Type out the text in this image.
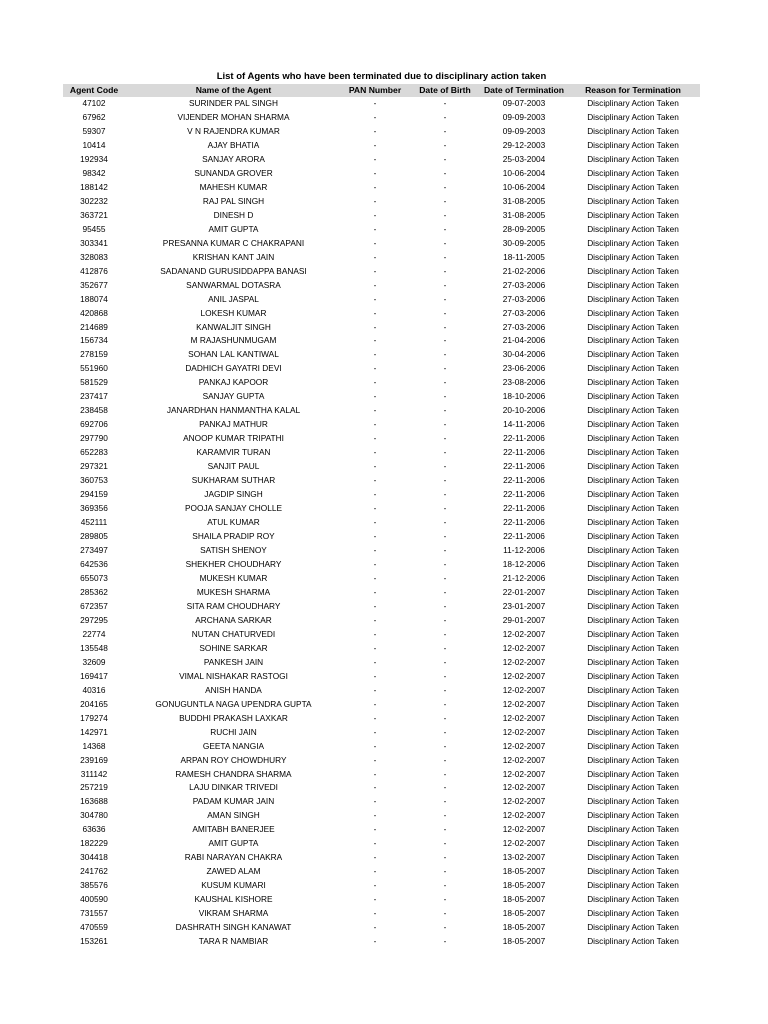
List of Agents who have been terminated due to disciplinary action taken
Agent Code	Name of the Agent	PAN Number	Date of Birth	Date of Termination	Reason for Termination
47102	SURINDER PAL SINGH	-	-	09-07-2003	Disciplinary Action Taken
67962	VIJENDER MOHAN SHARMA	-	-	09-09-2003	Disciplinary Action Taken
59307	V N RAJENDRA KUMAR	-	-	09-09-2003	Disciplinary Action Taken
10414	AJAY BHATIA	-	-	29-12-2003	Disciplinary Action Taken
192934	SANJAY ARORA	-	-	25-03-2004	Disciplinary Action Taken
98342	SUNANDA GROVER	-	-	10-06-2004	Disciplinary Action Taken
188142	MAHESH KUMAR	-	-	10-06-2004	Disciplinary Action Taken
302232	RAJ PAL SINGH	-	-	31-08-2005	Disciplinary Action Taken
363721	DINESH D	-	-	31-08-2005	Disciplinary Action Taken
95455	AMIT GUPTA	-	-	28-09-2005	Disciplinary Action Taken
303341	PRESANNA KUMAR C CHAKRAPANI	-	-	30-09-2005	Disciplinary Action Taken
328083	KRISHAN KANT JAIN	-	-	18-11-2005	Disciplinary Action Taken
412876	SADANAND GURUSIDDAPPA BANASI	-	-	21-02-2006	Disciplinary Action Taken
352677	SANWARMAL DOTASRA	-	-	27-03-2006	Disciplinary Action Taken
188074	ANIL JASPAL	-	-	27-03-2006	Disciplinary Action Taken
420868	LOKESH KUMAR	-	-	27-03-2006	Disciplinary Action Taken
214689	KANWALJIT SINGH	-	-	27-03-2006	Disciplinary Action Taken
156734	M RAJASHUNMUGAM	-	-	21-04-2006	Disciplinary Action Taken
278159	SOHAN LAL KANTIWAL	-	-	30-04-2006	Disciplinary Action Taken
551960	DADHICH GAYATRI DEVI	-	-	23-06-2006	Disciplinary Action Taken
581529	PANKAJ KAPOOR	-	-	23-08-2006	Disciplinary Action Taken
237417	SANJAY GUPTA	-	-	18-10-2006	Disciplinary Action Taken
238458	JANARDHAN HANMANTHA KALAL	-	-	20-10-2006	Disciplinary Action Taken
692706	PANKAJ MATHUR	-	-	14-11-2006	Disciplinary Action Taken
297790	ANOOP KUMAR TRIPATHI	-	-	22-11-2006	Disciplinary Action Taken
652283	KARAMVIR TURAN	-	-	22-11-2006	Disciplinary Action Taken
297321	SANJIT PAUL	-	-	22-11-2006	Disciplinary Action Taken
360753	SUKHARAM SUTHAR	-	-	22-11-2006	Disciplinary Action Taken
294159	JAGDIP SINGH	-	-	22-11-2006	Disciplinary Action Taken
369356	POOJA SANJAY CHOLLE	-	-	22-11-2006	Disciplinary Action Taken
452111	ATUL KUMAR	-	-	22-11-2006	Disciplinary Action Taken
289805	SHAILA PRADIP ROY	-	-	22-11-2006	Disciplinary Action Taken
273497	SATISH SHENOY	-	-	11-12-2006	Disciplinary Action Taken
642536	SHEKHER CHOUDHARY	-	-	18-12-2006	Disciplinary Action Taken
655073	MUKESH KUMAR	-	-	21-12-2006	Disciplinary Action Taken
285362	MUKESH SHARMA	-	-	22-01-2007	Disciplinary Action Taken
672357	SITA RAM CHOUDHARY	-	-	23-01-2007	Disciplinary Action Taken
297295	ARCHANA SARKAR	-	-	29-01-2007	Disciplinary Action Taken
22774	NUTAN CHATURVEDI	-	-	12-02-2007	Disciplinary Action Taken
135548	SOHINE SARKAR	-	-	12-02-2007	Disciplinary Action Taken
32609	PANKESH JAIN	-	-	12-02-2007	Disciplinary Action Taken
169417	VIMAL NISHAKAR RASTOGI	-	-	12-02-2007	Disciplinary Action Taken
40316	ANISH HANDA	-	-	12-02-2007	Disciplinary Action Taken
204165	GONUGUNTLA NAGA UPENDRA GUPTA	-	-	12-02-2007	Disciplinary Action Taken
179274	BUDDHI PRAKASH LAXKAR	-	-	12-02-2007	Disciplinary Action Taken
142971	RUCHI JAIN	-	-	12-02-2007	Disciplinary Action Taken
14368	GEETA NANGIA	-	-	12-02-2007	Disciplinary Action Taken
239169	ARPAN ROY CHOWDHURY	-	-	12-02-2007	Disciplinary Action Taken
311142	RAMESH CHANDRA SHARMA	-	-	12-02-2007	Disciplinary Action Taken
257219	LAJU DINKAR TRIVEDI	-	-	12-02-2007	Disciplinary Action Taken
163688	PADAM KUMAR JAIN	-	-	12-02-2007	Disciplinary Action Taken
304780	AMAN SINGH	-	-	12-02-2007	Disciplinary Action Taken
63636	AMITABH BANERJEE	-	-	12-02-2007	Disciplinary Action Taken
182229	AMIT GUPTA	-	-	12-02-2007	Disciplinary Action Taken
304418	RABI NARAYAN CHAKRA	-	-	13-02-2007	Disciplinary Action Taken
241762	ZAWED ALAM	-	-	18-05-2007	Disciplinary Action Taken
385576	KUSUM KUMARI	-	-	18-05-2007	Disciplinary Action Taken
400590	KAUSHAL KISHORE	-	-	18-05-2007	Disciplinary Action Taken
731557	VIKRAM SHARMA	-	-	18-05-2007	Disciplinary Action Taken
470559	DASHRATH SINGH KANAWAT	-	-	18-05-2007	Disciplinary Action Taken
153261	TARA R NAMBIAR	-	-	18-05-2007	Disciplinary Action Taken
